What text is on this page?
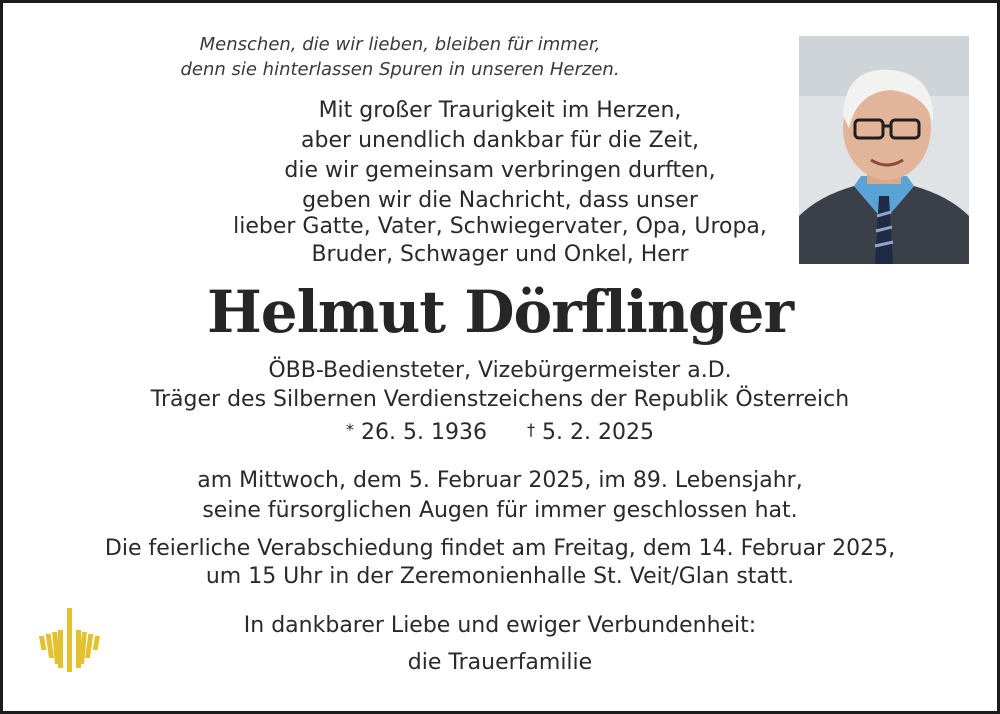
Menschen, die wir lieben, bleiben für immer,
denn sie hinterlassen Spuren in unseren Herzen.
Mit großer Traurigkeit im Herzen,
aber unendlich dankbar für die Zeit,
die wir gemeinsam verbringen durften,
geben wir die Nachricht, dass unser
lieber Gatte, Vater, Schwiegervater, Opa, Uropa,
Bruder, Schwager und Onkel, Herr
Helmut Dörflinger
ÖBB-Bediensteter, Vizebürgermeister a.D.
Träger des Silbernen Verdienstzeichens der Republik Österreich
* 26. 5. 1936	† 5. 2. 2025
am Mittwoch, dem 5. Februar 2025, im 89. Lebensjahr,
seine fürsorglichen Augen für immer geschlossen hat.
Die feierliche Verabschiedung findet am Freitag, dem 14. Februar 2025,
um 15 Uhr in der Zeremonienhalle St. Veit/Glan statt.
In dankbarer Liebe und ewiger Verbundenheit:
die Trauerfamilie
